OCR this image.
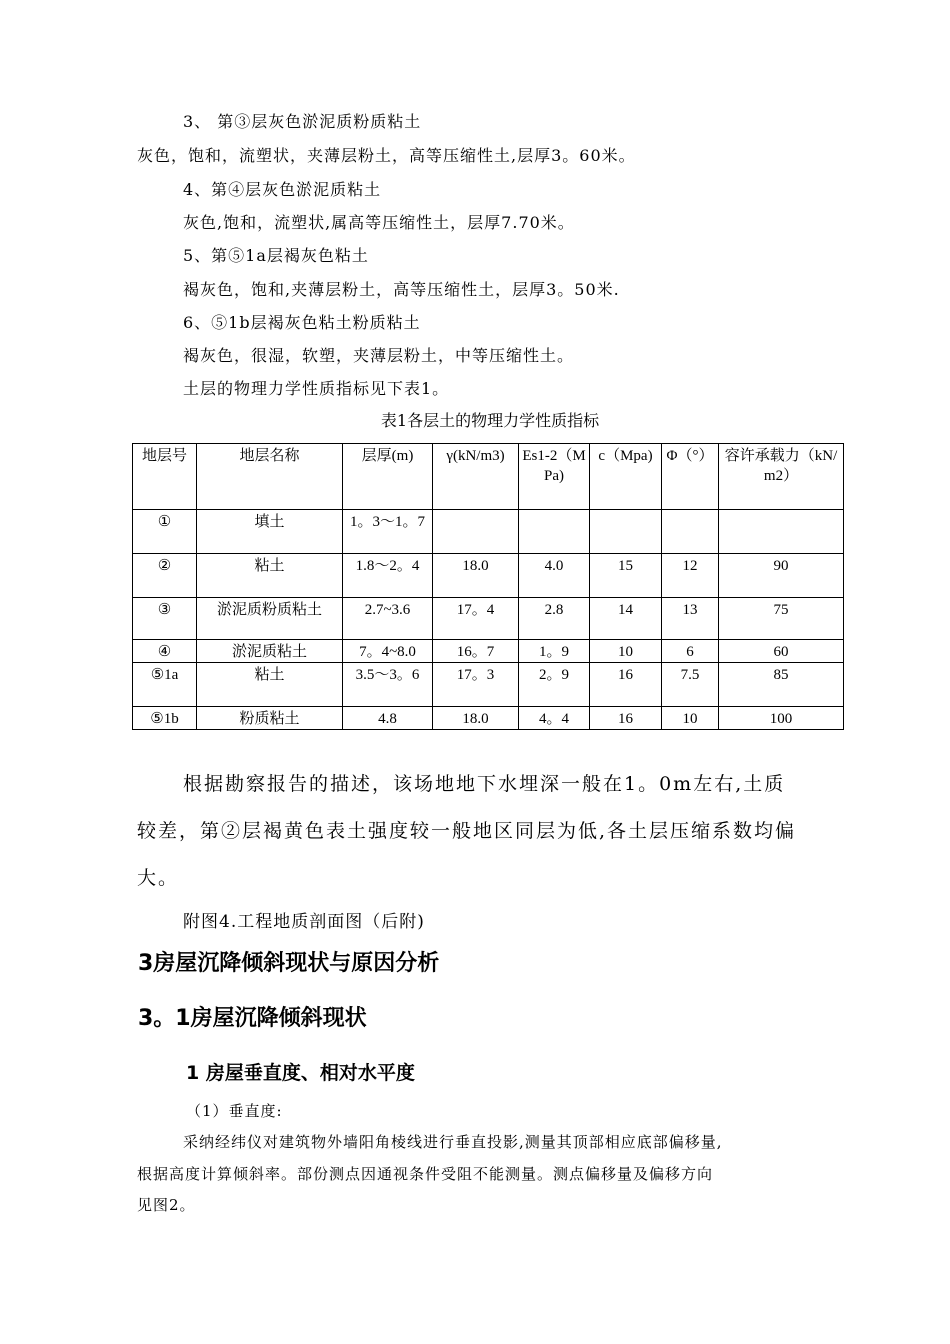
3、 第③层灰色淤泥质粉质粘土
灰色，饱和，流塑状，夹薄层粉土，高等压缩性土,层厚3。60米。
4、第④层灰色淤泥质粘土
灰色,饱和，流塑状,属高等压缩性土，层厚7.70米。
5、第⑤1a层褐灰色粘土
褐灰色，饱和,夹薄层粉土，高等压缩性土，层厚3。50米.
6、⑤1b层褐灰色粘土粉质粘土
褐灰色，很湿，软塑，夹薄层粉土，中等压缩性土。
土层的物理力学性质指标见下表1。
表1各层土的物理力学性质指标
地层号	地层名称	层厚(m)	γ(kN/m3)	Es1-2（MPa)	c（Mpa)	Φ（°）	容许承载力（kN/m2）
①	填土	1。3～1。7					
②	粘土	1.8～2。4	18.0	4.0	15	12	90
③	淤泥质粉质粘土	2.7~3.6	17。4	2.8	14	13	75
④	淤泥质粘土	7。4~8.0	16。7	1。9	10	6	60
⑤1a	粘土	3.5～3。6	17。3	2。9	16	7.5	85
⑤1b	粉质粘土	4.8	18.0	4。4	16	10	100
根据勘察报告的描述，该场地地下水埋深一般在1。0m左右,土质
较差，第②层褐黄色表土强度较一般地区同层为低,各土层压缩系数均偏
大。
附图4.工程地质剖面图（后附)
3房屋沉降倾斜现状与原因分析
3。1房屋沉降倾斜现状
1 房屋垂直度、相对水平度
（1）垂直度:
采纳经纬仪对建筑物外墙阳角棱线进行垂直投影,测量其顶部相应底部偏移量,
根据高度计算倾斜率。部份测点因通视条件受阻不能测量。测点偏移量及偏移方向
见图2。
